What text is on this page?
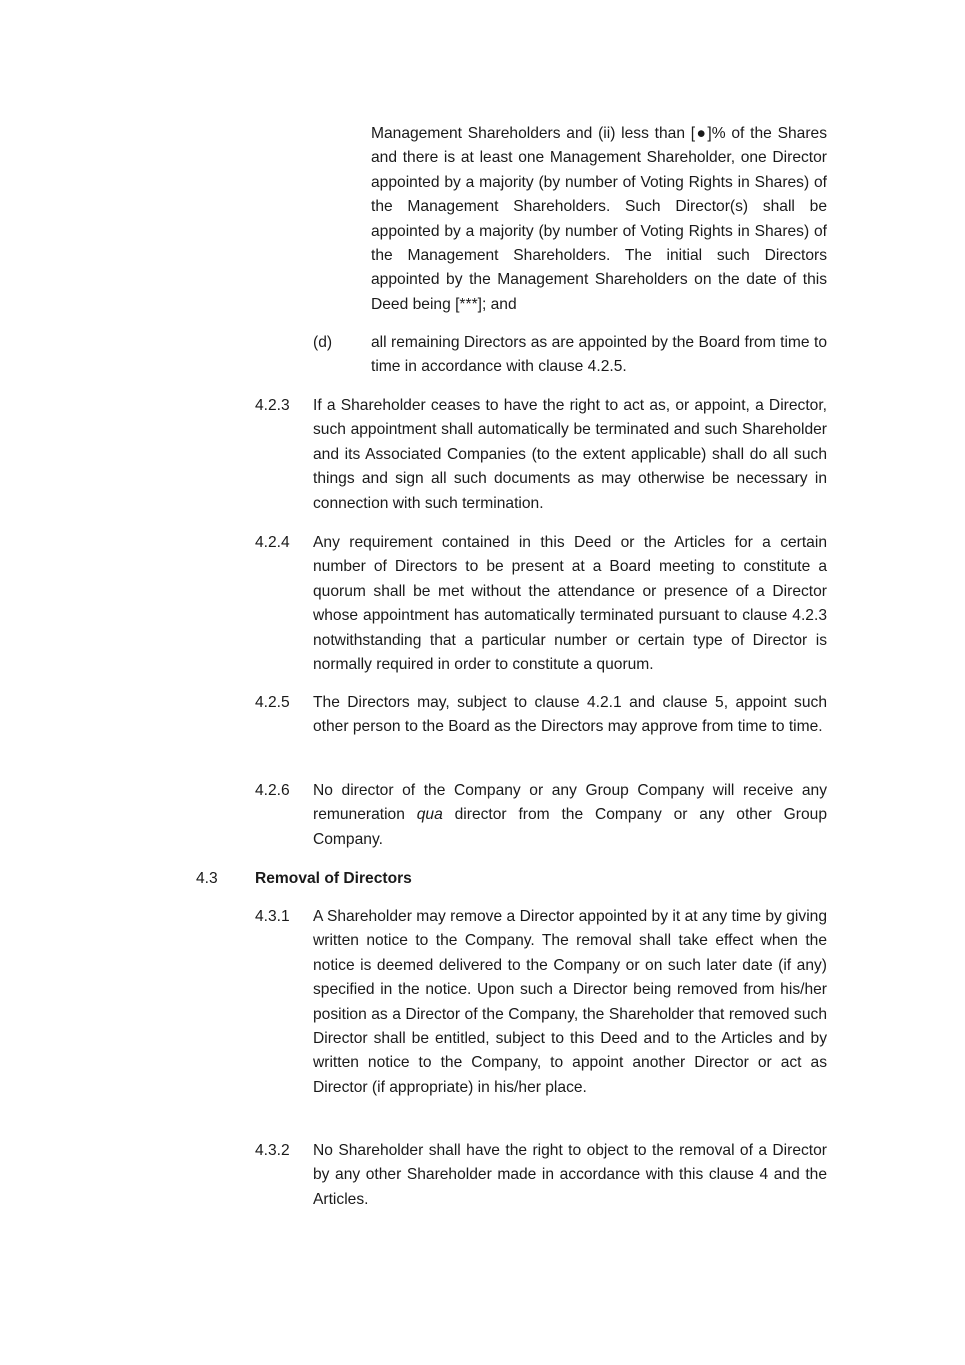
Management Shareholders and (ii) less than [●]% of the Shares and there is at least one Management Shareholder, one Director appointed by a majority (by number of Voting Rights in Shares) of the Management Shareholders. Such Director(s) shall be appointed by a majority (by number of Voting Rights in Shares) of the Management Shareholders. The initial such Directors appointed by the Management Shareholders on the date of this Deed being [***]; and

(d) all remaining Directors as are appointed by the Board from time to time in accordance with clause 4.2.5.

4.2.3 If a Shareholder ceases to have the right to act as, or appoint, a Director, such appointment shall automatically be terminated and such Shareholder and its Associated Companies (to the extent applicable) shall do all such things and sign all such documents as may otherwise be necessary in connection with such termination.

4.2.4 Any requirement contained in this Deed or the Articles for a certain number of Directors to be present at a Board meeting to constitute a quorum shall be met without the attendance or presence of a Director whose appointment has automatically terminated pursuant to clause 4.2.3 notwithstanding that a particular number or certain type of Director is normally required in order to constitute a quorum.

4.2.5 The Directors may, subject to clause 4.2.1 and clause 5, appoint such other person to the Board as the Directors may approve from time to time.

4.2.6 No director of the Company or any Group Company will receive any remuneration qua director from the Company or any other Group Company.

4.3 Removal of Directors
4.3.1 A Shareholder may remove a Director appointed by it at any time by giving written notice to the Company. The removal shall take effect when the notice is deemed delivered to the Company or on such later date (if any) specified in the notice. Upon such a Director being removed from his/her position as a Director of the Company, the Shareholder that removed such Director shall be entitled, subject to this Deed and to the Articles and by written notice to the Company, to appoint another Director or act as Director (if appropriate) in his/her place.

4.3.2 No Shareholder shall have the right to object to the removal of a Director by any other Shareholder made in accordance with this clause 4 and the Articles.
